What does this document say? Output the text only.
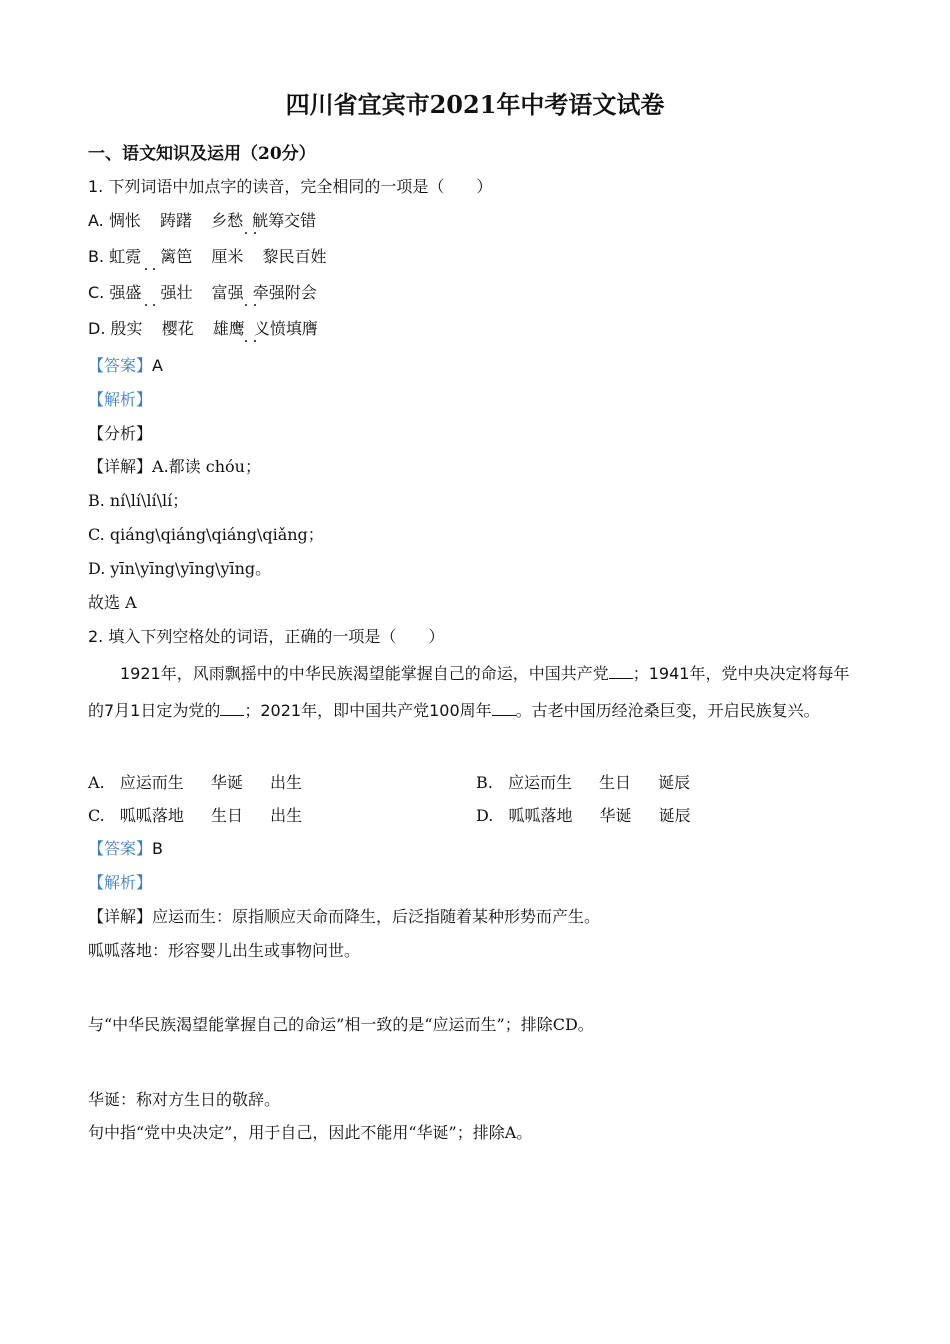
四川省宜宾市2021年中考语文试卷
一、语文知识及运用（20分）
1. 下列词语中加点字的读音，完全相同的一项是（　　）
A. 惆怅 踌躇 乡愁 觥筹交错
B. 虹霓 篱笆 厘米 黎民百姓
C. 强盛 强壮 富强 牵强附会
D. 殷实 樱花 雄鹰 义愤填膺
【答案】A
【解析】
【分析】
【详解】A.都读 chóu；
B. ní\lí\lí\lí；
C. qiáng\qiáng\qiáng\qiǎng；
D. yīn\yīng\yīng\yīng。
故选 A
2. 填入下列空格处的词语，正确的一项是（　　）
1921年，风雨飘摇中的中华民族渴望能掌握自己的命运，中国共产党 ；1941年，党中央决定将每年的7月1日定为党的 ；2021年，即中国共产党100周年 。古老中国历经沧桑巨变，开启民族复兴。
A. 应运而生 华诞 出生	B. 应运而生 生日 诞辰
C. 呱呱落地 生日 出生	D. 呱呱落地 华诞 诞辰
【答案】B
【解析】
【详解】应运而生：原指顺应天命而降生，后泛指随着某种形势而产生。
呱呱落地：形容婴儿出生或事物问世。
与“中华民族渴望能掌握自己的命运”相一致的是“应运而生”；排除CD。
华诞：称对方生日的敬辞。
句中指“党中央决定”，用于自己，因此不能用“华诞”；排除A。
